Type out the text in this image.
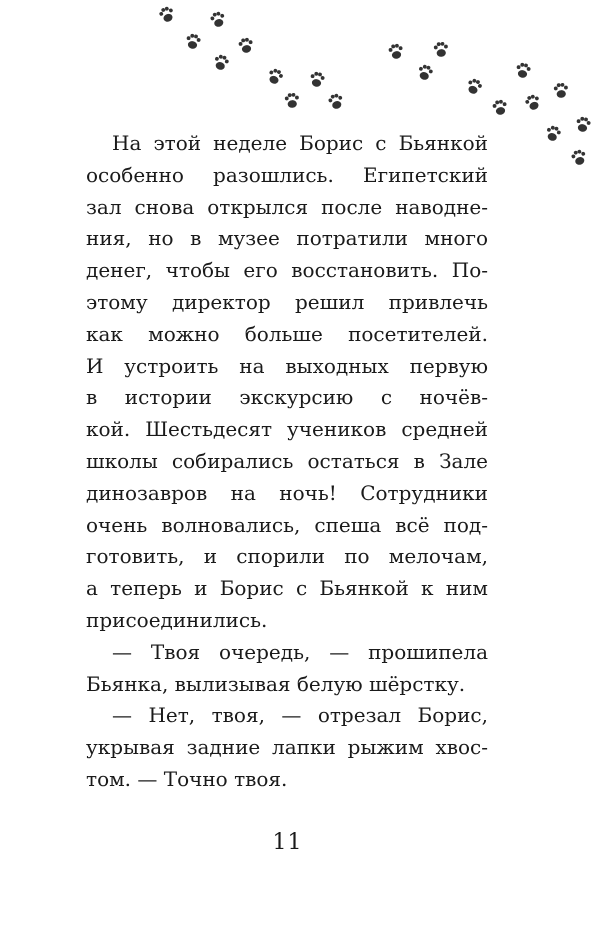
На этой неделе Борис с Бьянкой
особенно разошлись. Египетский
зал снова открылся после наводне-
ния, но в музее потратили много
денег, чтобы его восстановить. По-
этому директор решил привлечь
как можно больше посетителей.
И устроить на выходных первую
в истории экскурсию с ночёв-
кой. Шестьдесят учеников средней
школы собирались остаться в Зале
динозавров на ночь! Сотрудники
очень волновались, спеша всё под-
готовить, и спорили по мелочам,
а теперь и Борис с Бьянкой к ним
присоединились.
— Твоя очередь, — прошипела
Бьянка, вылизывая белую шёрстку.
— Нет, твоя, — отрезал Борис,
укрывая задние лапки рыжим хвос-
том. — Точно твоя.
11
